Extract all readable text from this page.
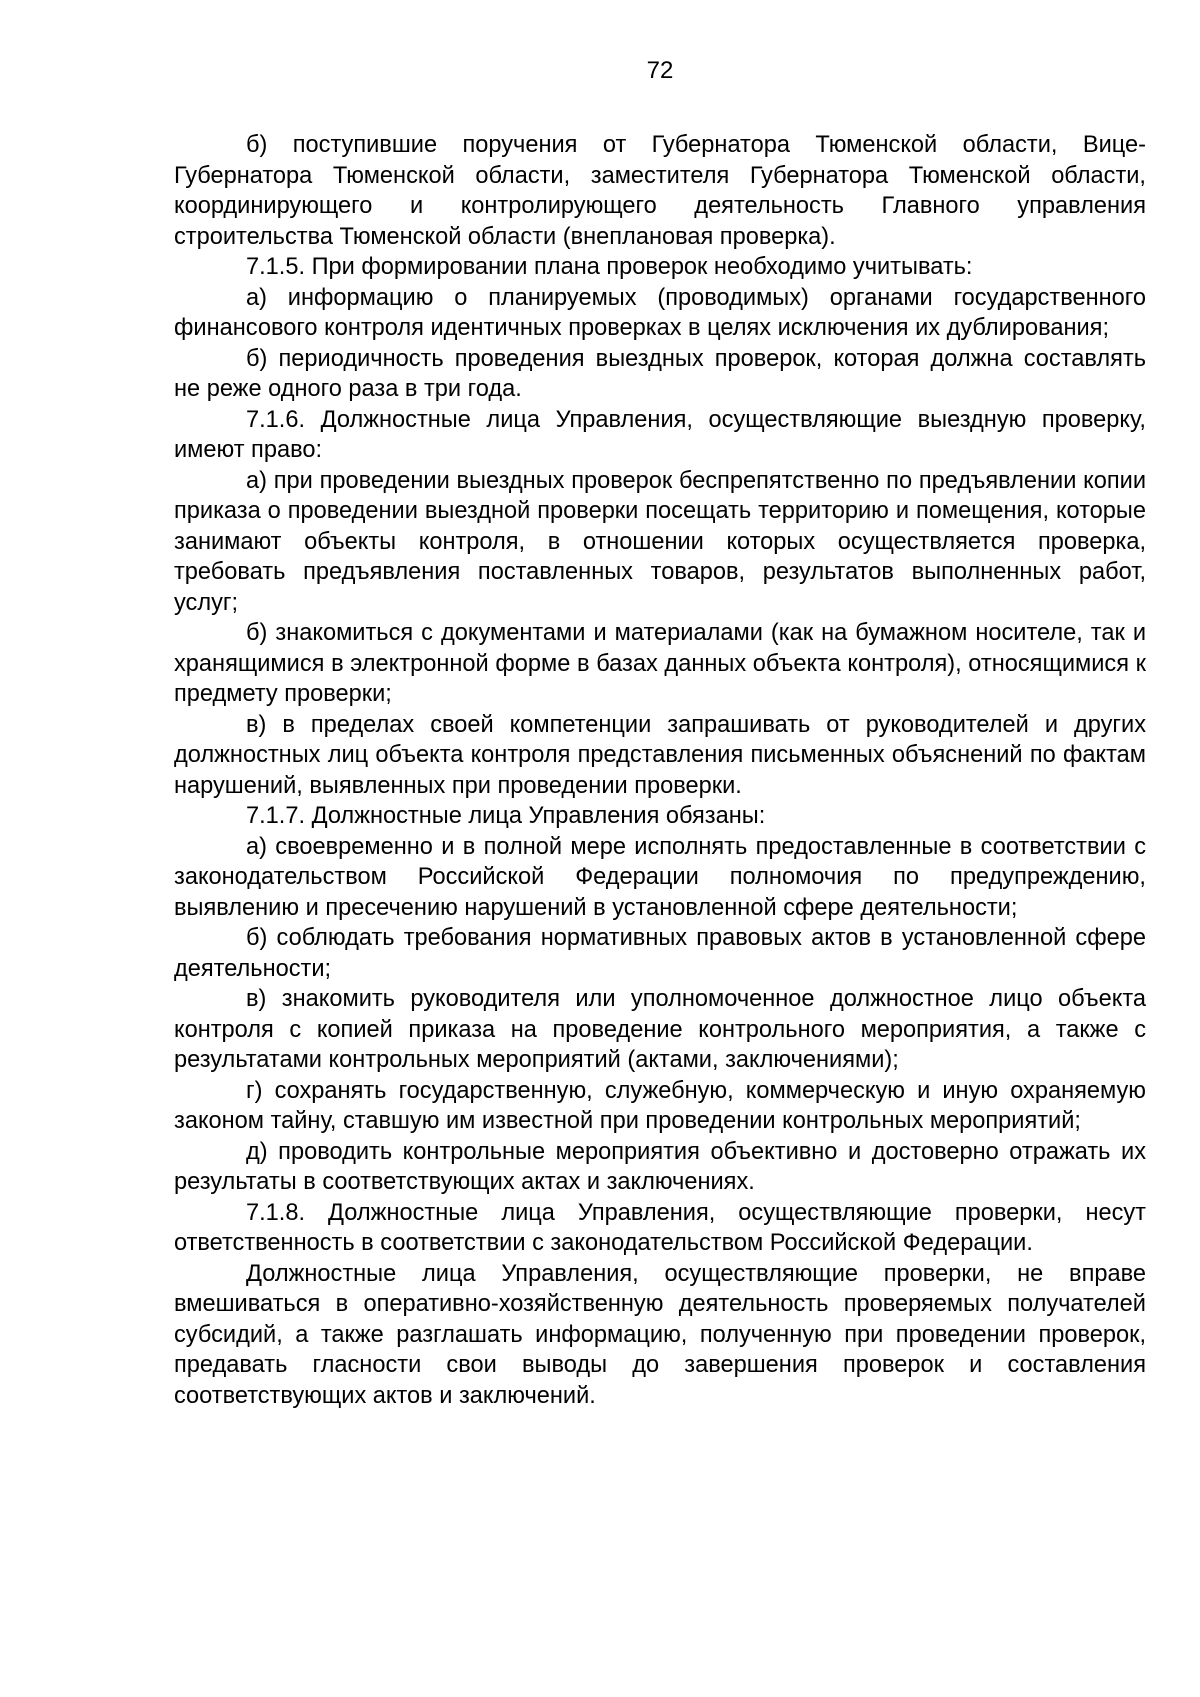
72

б) поступившие поручения от Губернатора Тюменской области, Вице-Губернатора Тюменской области, заместителя Губернатора Тюменской области, координирующего и контролирующего деятельность Главного управления строительства Тюменской области (внеплановая проверка).

7.1.5. При формировании плана проверок необходимо учитывать:

а) информацию о планируемых (проводимых) органами государственного финансового контроля идентичных проверках в целях исключения их дублирования;

б) периодичность проведения выездных проверок, которая должна составлять не реже одного раза в три года.

7.1.6. Должностные лица Управления, осуществляющие выездную проверку, имеют право:

а) при проведении выездных проверок беспрепятственно по предъявлении копии приказа о проведении выездной проверки посещать территорию и помещения, которые занимают объекты контроля, в отношении которых осуществляется проверка, требовать предъявления поставленных товаров, результатов выполненных работ, услуг;

б) знакомиться с документами и материалами (как на бумажном носителе, так и хранящимися в электронной форме в базах данных объекта контроля), относящимися к предмету проверки;

в) в пределах своей компетенции запрашивать от руководителей и других должностных лиц объекта контроля представления письменных объяснений по фактам нарушений, выявленных при проведении проверки.

7.1.7. Должностные лица Управления обязаны:

а) своевременно и в полной мере исполнять предоставленные в соответствии с законодательством Российской Федерации полномочия по предупреждению, выявлению и пресечению нарушений в установленной сфере деятельности;

б) соблюдать требования нормативных правовых актов в установленной сфере деятельности;

в) знакомить руководителя или уполномоченное должностное лицо объекта контроля с копией приказа на проведение контрольного мероприятия, а также с результатами контрольных мероприятий (актами, заключениями);

г) сохранять государственную, служебную, коммерческую и иную охраняемую законом тайну, ставшую им известной при проведении контрольных мероприятий;

д) проводить контрольные мероприятия объективно и достоверно отражать их результаты в соответствующих актах и заключениях.

7.1.8. Должностные лица Управления, осуществляющие проверки, несут ответственность в соответствии с законодательством Российской Федерации.

Должностные лица Управления, осуществляющие проверки, не вправе вмешиваться в оперативно-хозяйственную деятельность проверяемых получателей субсидий, а также разглашать информацию, полученную при проведении проверок, предавать гласности свои выводы до завершения проверок и составления соответствующих актов и заключений.
